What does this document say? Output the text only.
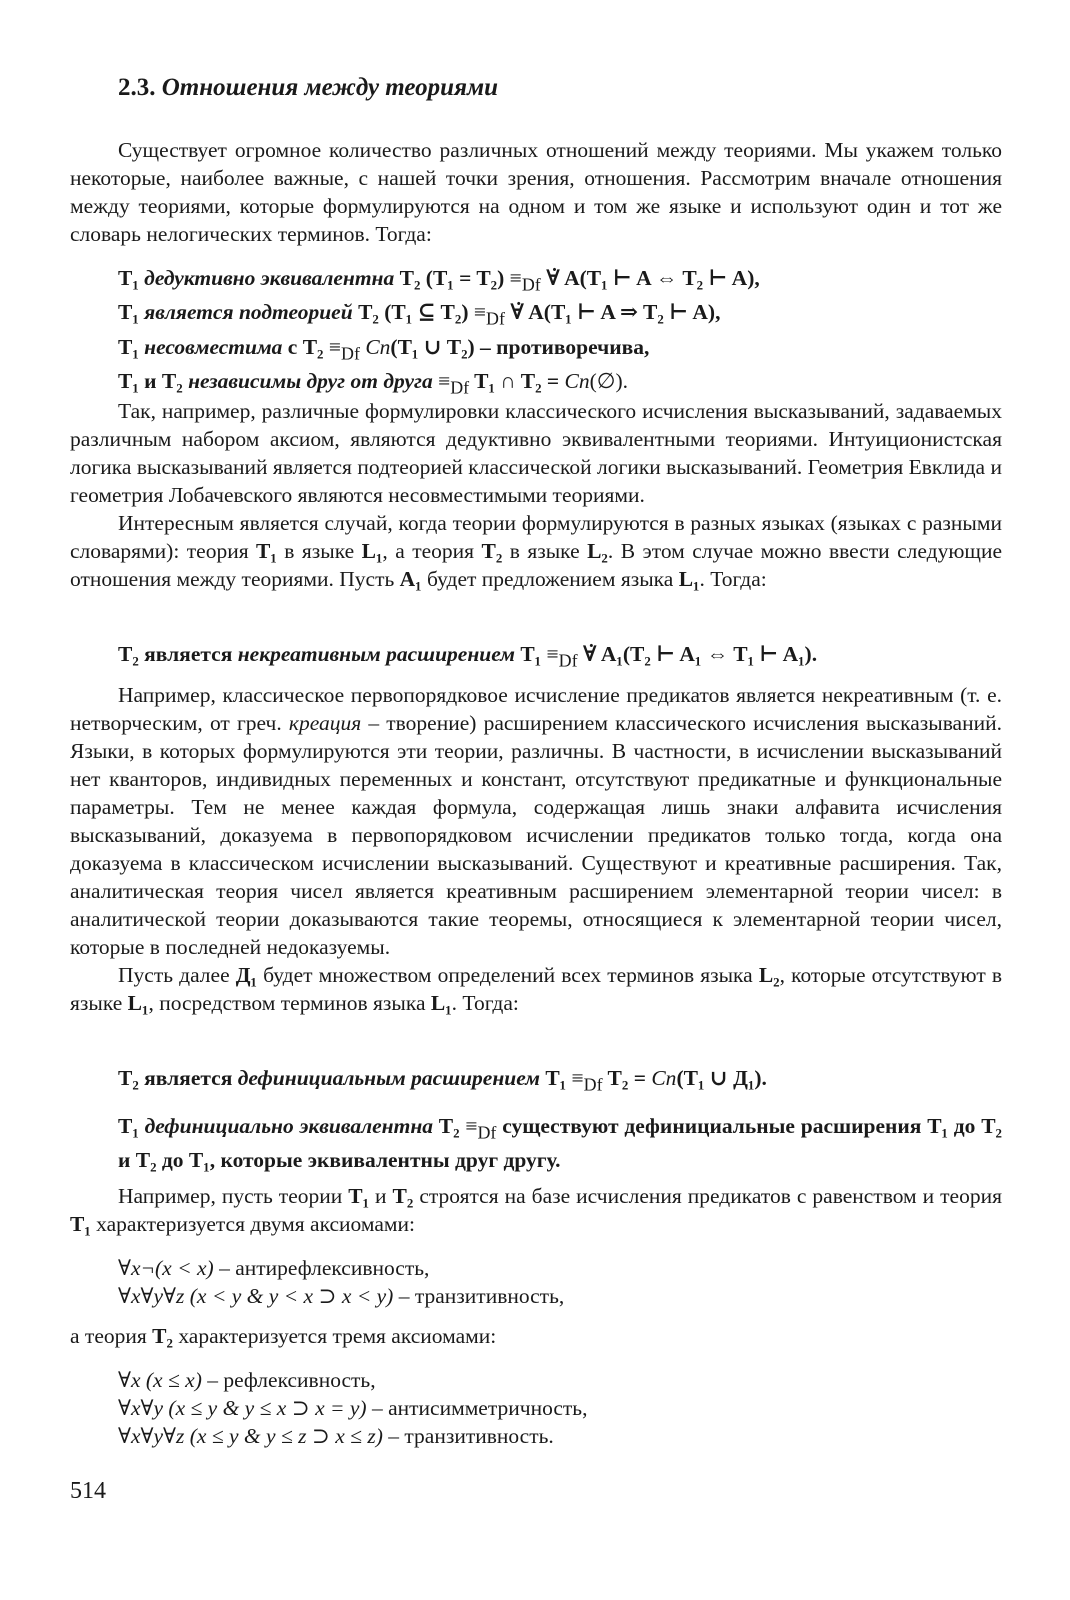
2.3. Отношения между теориями

Существует огромное количество различных отношений между теориями. Мы укажем только некоторые, наиболее важные, с нашей точки зрения, отношения. Рассмотрим вначале отношения между теориями, которые формулируются на одном и том же языке и используют один и тот же словарь нелогических терминов. Тогда:

T₁ дедуктивно эквивалентна T₂ $(T_1 = T_2) \equiv_{Df}$ ∀̇ A(T₁ ⊢ A ⇔ T₂ ⊢ A),
T₁ является подтеорией T₂ (T₁ ⊆ $T_2) \equiv_{Df}$ ∀̇ A(T₁ ⊢ A ⇒ T₂ ⊢ A),
T₁ несовместима с $T_2 \equiv_{Df}$ Cn(T₁ ∪ T₂) – противоречива,
T₁ и T₂ независимы друг от друга $\equiv_{Df}$ T₁ ∩ T₂ = Cn(∅).

Так, например, различные формулировки классического исчисления высказываний, задаваемых различным набором аксиом, являются дедуктивно эквивалентными теориями. Интуиционистская логика высказываний является подтеорией классической логики высказываний. Геометрия Евклида и геометрия Лобачевского являются несовместимыми теориями.

Интересным является случай, когда теории формулируются в разных языках (языках с разными словарями): теория T₁ в языке L₁, а теория T₂ в языке L₂. В этом случае можно ввести следующие отношения между теориями. Пусть A₁ будет предложением языка L₁. Тогда:

T₂ является некреативным расширением $T_1 \equiv_{Df}$ ∀̇ A₁(T₂ ⊢ A₁ ⇔ T₁ ⊢ A₁).

Например, классическое первопорядковое исчисление предикатов является некреативным (т. е. нетворческим, от греч. креация – творение) расширением классического исчисления высказываний. Языки, в которых формулируются эти теории, различны. В частности, в исчислении высказываний нет кванторов, индивидных переменных и констант, отсутствуют предикатные и функциональные параметры. Тем не менее каждая формула, содержащая лишь знаки алфавита исчисления высказываний, доказуема в первопорядковом исчислении предикатов только тогда, когда она доказуема в классическом исчислении высказываний. Существуют и креативные расширения. Так, аналитическая теория чисел является креативным расширением элементарной теории чисел: в аналитической теории доказываются такие теоремы, относящиеся к элементарной теории чисел, которые в последней недоказуемы.

Пусть далее Д₁ будет множеством определений всех терминов языка L₂, которые отсутствуют в языке L₁, посредством терминов языка L₁. Тогда:

T₂ является дефинициальным расширением $T_1 \equiv_{Df}$ T₂ = Cn(T₁ ∪ Д₁).

T₁ дефинициально эквивалентна $T_2 \equiv_{Df}$ существуют дефинициальные расширения T₁ до T₂ и T₂ до T₁, которые эквивалентны друг другу.

Например, пусть теории T₁ и T₂ строятся на базе исчисления предикатов с равенством и теория T₁ характеризуется двумя аксиомами:

∀x¬(x < x) – антирефлексивность,
∀x∀y∀z (x < y & y < x ⊃ x < y) – транзитивность,

а теория T₂ характеризуется тремя аксиомами:

∀x (x ≤ x) – рефлексивность,
∀x∀y (x ≤ y & y ≤ x ⊃ x = y) – антисимметричность,
∀x∀y∀z (x ≤ y & y ≤ z ⊃ x ≤ z) – транзитивность.
514
